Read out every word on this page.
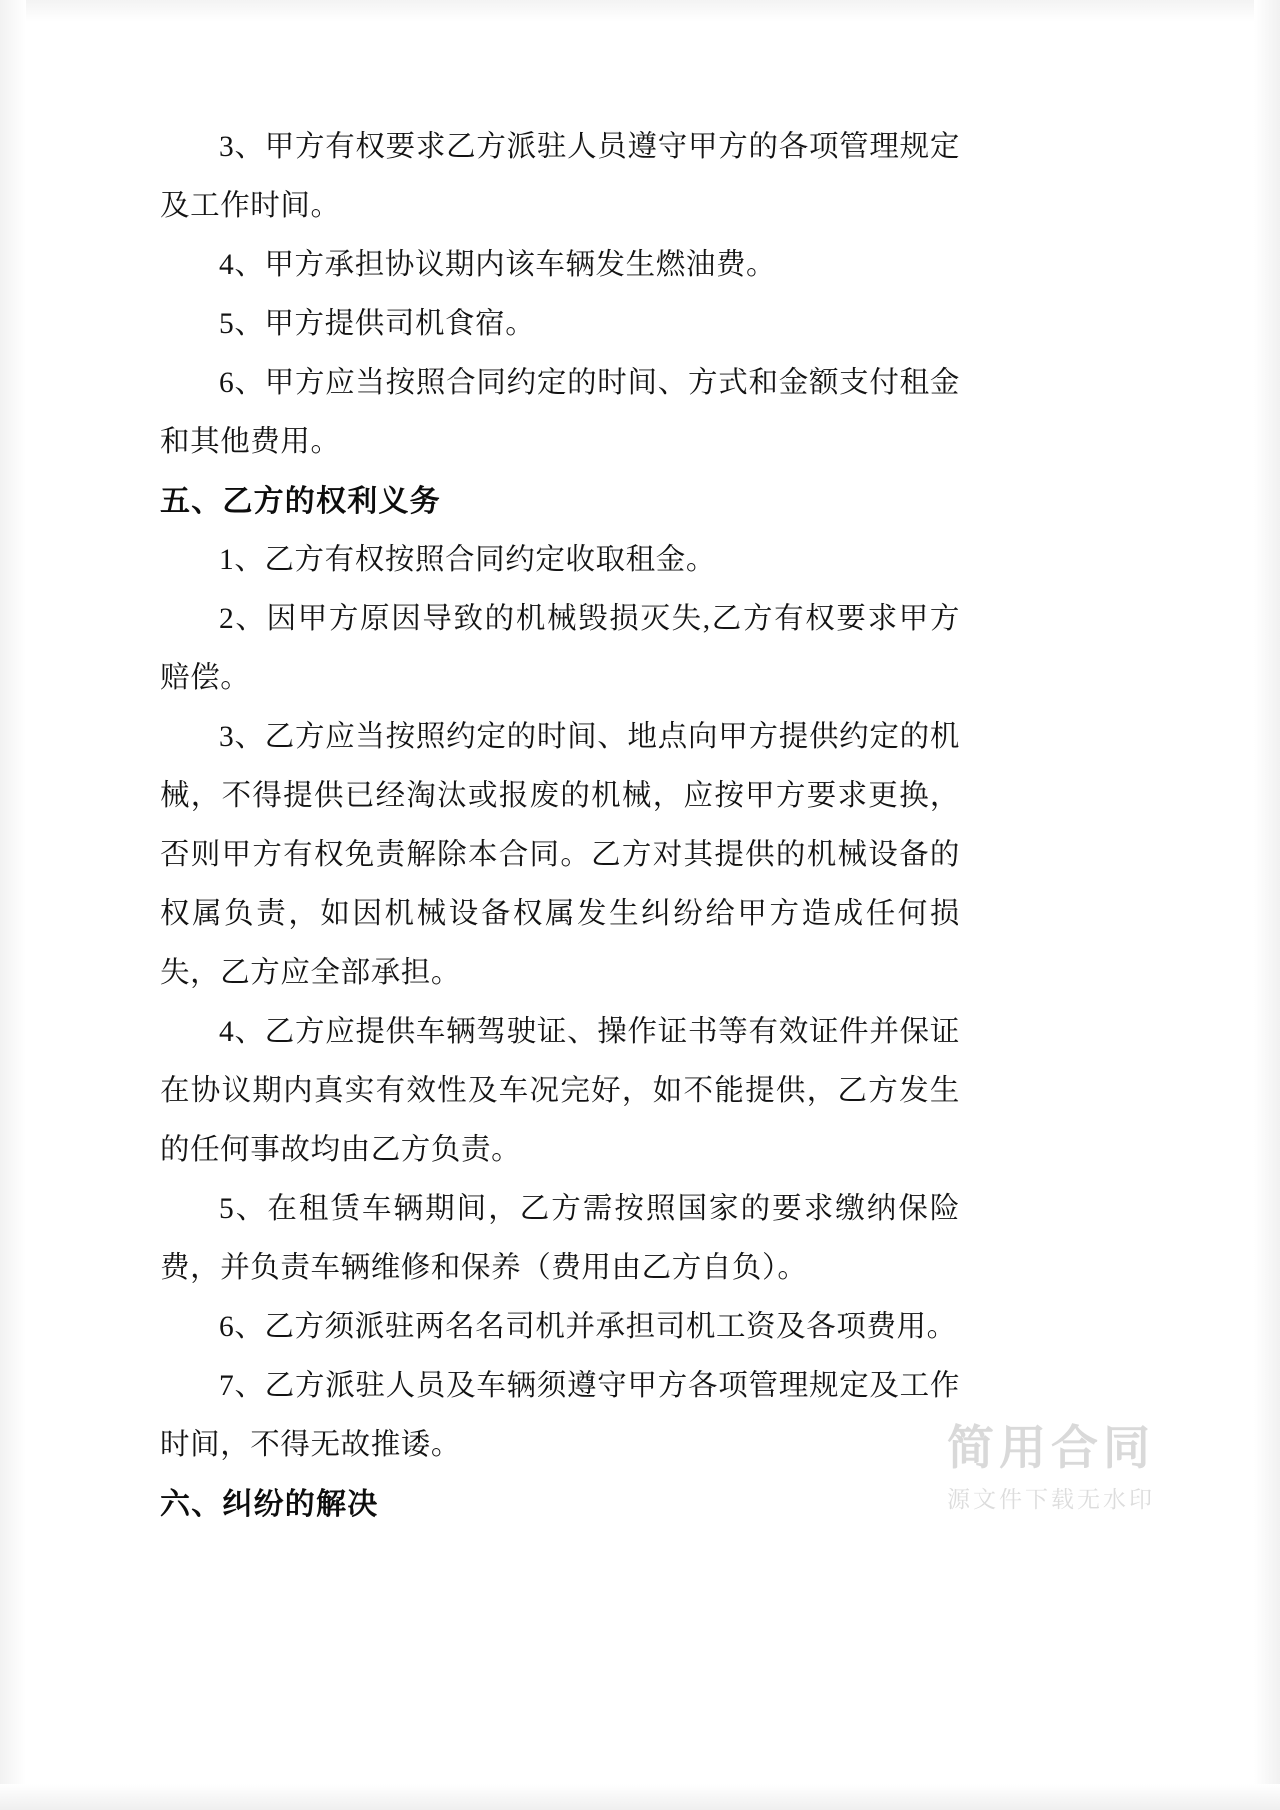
3、甲方有权要求乙方派驻人员遵守甲方的各项管理规定及工作时间。

4、甲方承担协议期内该车辆发生燃油费。

5、甲方提供司机食宿。

6、甲方应当按照合同约定的时间、方式和金额支付租金和其他费用。

五、乙方的权利义务

1、乙方有权按照合同约定收取租金。

2、因甲方原因导致的机械毁损灭失,乙方有权要求甲方赔偿。

3、乙方应当按照约定的时间、地点向甲方提供约定的机械，不得提供已经淘汰或报废的机械，应按甲方要求更换，否则甲方有权免责解除本合同。乙方对其提供的机械设备的权属负责，如因机械设备权属发生纠纷给甲方造成任何损失，乙方应全部承担。

4、乙方应提供车辆驾驶证、操作证书等有效证件并保证在协议期内真实有效性及车况完好，如不能提供，乙方发生的任何事故均由乙方负责。

5、在租赁车辆期间，乙方需按照国家的要求缴纳保险费，并负责车辆维修和保养（费用由乙方自负）。

6、乙方须派驻两名名司机并承担司机工资及各项费用。

7、乙方派驻人员及车辆须遵守甲方各项管理规定及工作时间，不得无故推诿。

六、纠纷的解决
简用合同
源文件下载无水印
